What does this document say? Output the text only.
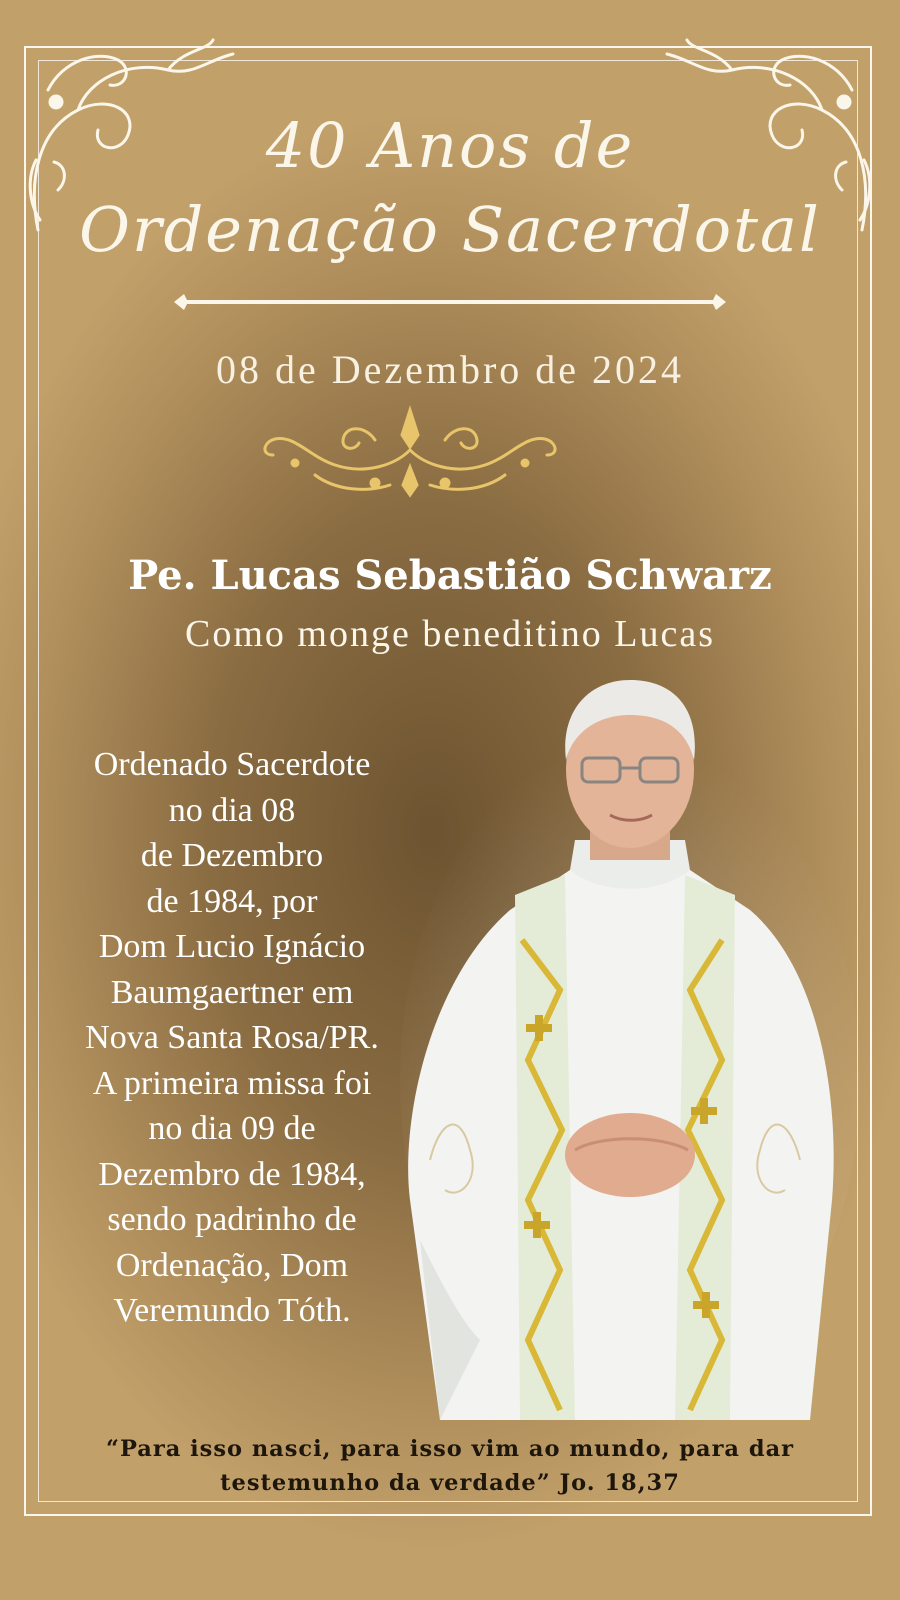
40 Anos de
Ordenação Sacerdotal
08 de Dezembro de 2024
Pe. Lucas Sebastião Schwarz
Como monge beneditino Lucas
Ordenado Sacerdote
no dia 08
de Dezembro
de 1984, por
Dom Lucio Ignácio
Baumgaertner em
Nova Santa Rosa/PR.
A primeira missa foi
no dia 09 de
Dezembro de 1984,
sendo padrinho de
Ordenação, Dom
Veremundo Tóth.
“Para isso nasci, para isso vim ao mundo, para dar
testemunho da verdade” Jo. 18,37
